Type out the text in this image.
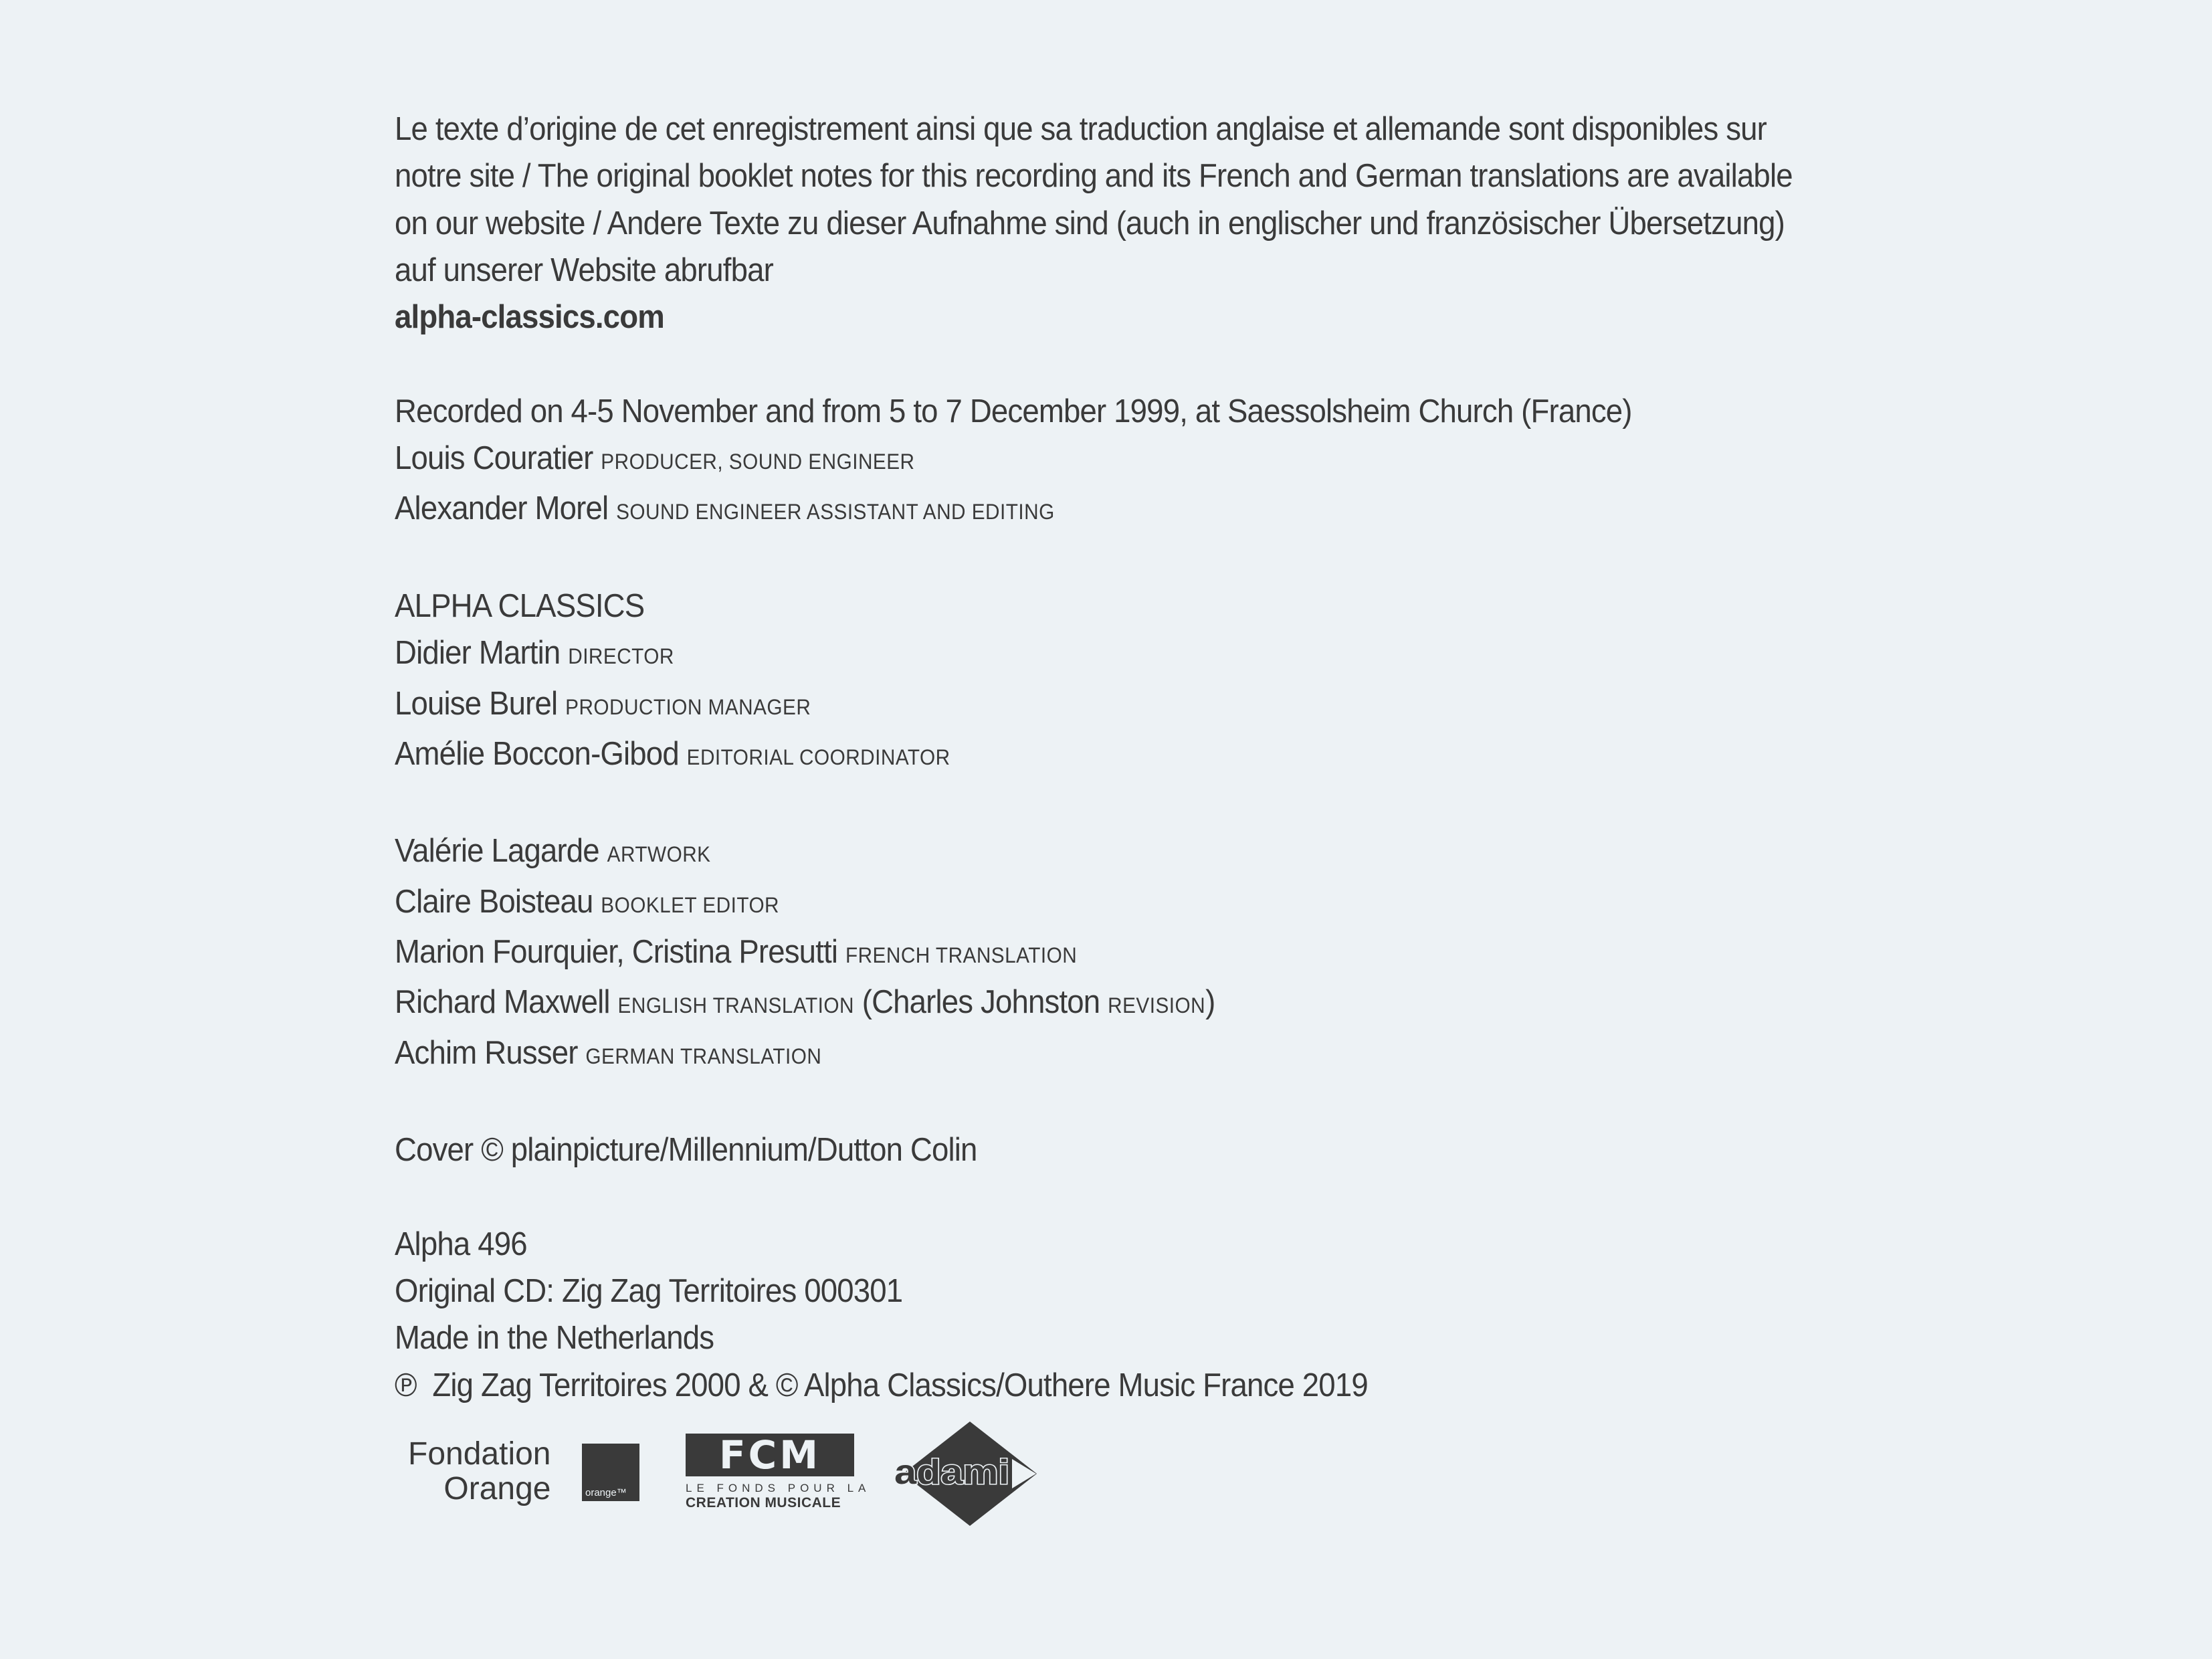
Le texte d’origine de cet enregistrement ainsi que sa traduction anglaise et allemande sont disponibles sur
notre site / The original booklet notes for this recording and its French and German translations are available
on our website / Andere Texte zu dieser Aufnahme sind (auch in englischer und französischer Übersetzung)
auf unserer Website abrufbar
alpha-classics.com
Recorded on 4-5 November and from 5 to 7 December 1999, at Saessolsheim Church (France)
Louis Couratier PRODUCER, SOUND ENGINEER
Alexander Morel SOUND ENGINEER ASSISTANT AND EDITING
ALPHA CLASSICS
Didier Martin DIRECTOR
Louise Burel PRODUCTION MANAGER
Amélie Boccon-Gibod EDITORIAL COORDINATOR
Valérie Lagarde ARTWORK
Claire Boisteau BOOKLET EDITOR
Marion Fourquier, Cristina Presutti FRENCH TRANSLATION
Richard Maxwell ENGLISH TRANSLATION (Charles Johnston REVISION)
Achim Russer GERMAN TRANSLATION
Cover © plainpicture/Millennium/Dutton Colin
Alpha 496
Original CD: Zig Zag Territoires 000301
Made in the Netherlands
℗  Zig Zag Territoires 2000 & © Alpha Classics/Outhere Music France 2019
Fondation
Orange	orange™
FCM
LE FONDS POUR LA
CREATION MUSICALE
adami
